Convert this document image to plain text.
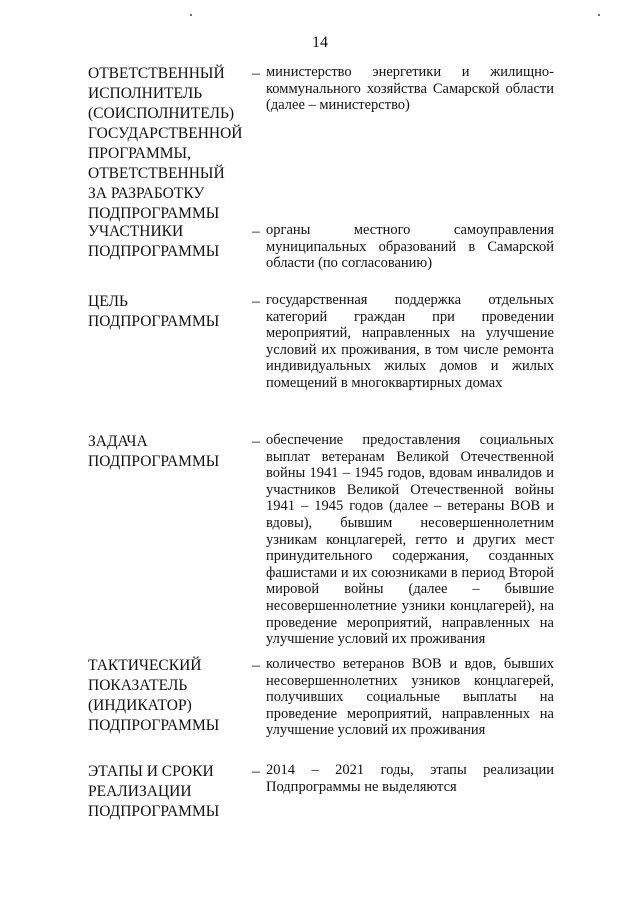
14
ОТВЕТСТВЕННЫЙ
ИСПОЛНИТЕЛЬ
(СОИСПОЛНИТЕЛЬ)
ГОСУДАРСТВЕННОЙ
ПРОГРАММЫ,
ОТВЕТСТВЕННЫЙ
ЗА РАЗРАБОТКУ
ПОДПРОГРАММЫ
– министерство энергетики и жилищно-коммунального хозяйства Самарской области (далее – министерство)
УЧАСТНИКИ
ПОДПРОГРАММЫ
– органы местного самоуправления муниципальных образований в Самарской области (по согласованию)
ЦЕЛЬ
ПОДПРОГРАММЫ
– государственная поддержка отдельных категорий граждан при проведении мероприятий, направленных на улучшение условий их проживания, в том числе ремонта индивидуальных жилых домов и жилых помещений в многоквартирных домах
ЗАДАЧА
ПОДПРОГРАММЫ
– обеспечение предоставления социальных выплат ветеранам Великой Отечественной войны 1941 – 1945 годов, вдовам инвалидов и участников Великой Отечественной войны 1941 – 1945 годов (далее – ветераны ВОВ и вдовы), бывшим несовершеннолетним узникам концлагерей, гетто и других мест принудительного содержания, созданных фашистами и их союзниками в период Второй мировой войны (далее – бывшие несовершеннолетние узники концлагерей), на проведение мероприятий, направленных на улучшение условий их проживания
ТАКТИЧЕСКИЙ
ПОКАЗАТЕЛЬ
(ИНДИКАТОР)
ПОДПРОГРАММЫ
– количество ветеранов ВОВ и вдов, бывших несовершеннолетних узников концлагерей, получивших социальные выплаты на проведение мероприятий, направленных на улучшение условий их проживания
ЭТАПЫ И СРОКИ
РЕАЛИЗАЦИИ
ПОДПРОГРАММЫ
– 2014 – 2021 годы, этапы реализации Подпрограммы не выделяются
